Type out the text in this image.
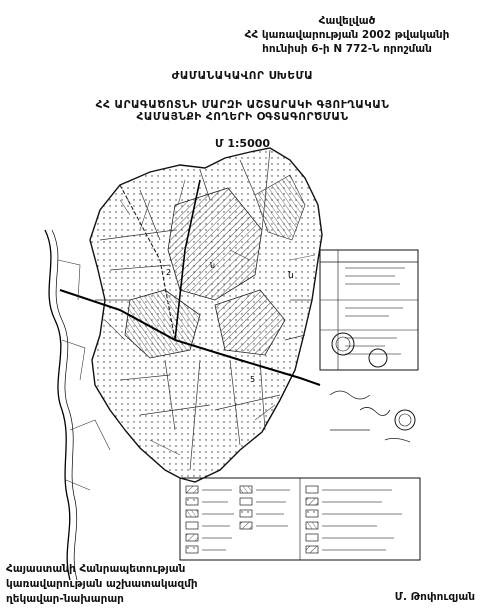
Հավելված
ՀՀ կառավարության 2002 թվականի
հունիսի 6-ի N 772-Ն որոշման
ԺԱՄԱՆԱԿԱՎՈՐ ՍԽԵՄԱ
ՀՀ ԱՐԱԳԱԾՈՏՆԻ ՄԱՐԶԻ ԱՇՏԱՐԱԿԻ ԳՅՈՒՂԱԿԱՆ
ՀԱՄԱՅՆՔԻ ՀՈՂԵՐԻ ՕԳՏԱԳՈՐԾՄԱՆ
Մ 1:5000
ն
ն
2
5
Հայաստանի Հանրապետության
կառավարության աշխատակազմի
ղեկավար-նախարար	Մ. Թոփուզյան
